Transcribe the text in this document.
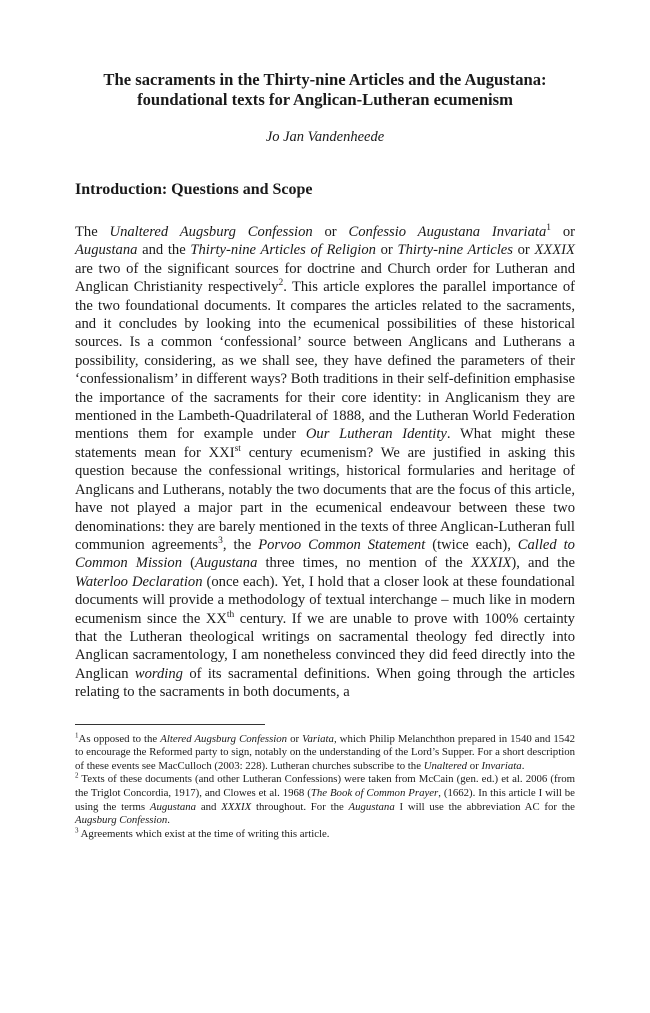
The sacraments in the Thirty-nine Articles and the Augustana:
foundational texts for Anglican-Lutheran ecumenism
Jo Jan Vandenheede
Introduction: Questions and Scope

The Unaltered Augsburg Confession or Confessio Augustana Invariata$^1$ or Augustana and the Thirty-nine Articles of Religion or Thirty-nine Articles or XXXIX are two of the significant sources for doctrine and Church order for Lutheran and Anglican Christianity respectively$^2$. This article explores the parallel importance of the two foundational documents. It compares the articles related to the sacraments, and it concludes by looking into the ecumenical possibilities of these historical sources. Is a common ‘confessional’ source between Anglicans and Lutherans a possibility, considering, as we shall see, they have defined the parameters of their ‘confessionalism’ in different ways? Both traditions in their self-definition emphasise the importance of the sacraments for their core identity: in Anglicanism they are mentioned in the Lambeth-Quadrilateral of 1888, and the Lutheran World Federation mentions them for example under Our Lutheran Identity. What might these statements mean for XXIst century ecumenism? We are justified in asking this question because the confessional writings, historical formularies and heritage of Anglicans and Lutherans, notably the two documents that are the focus of this article, have not played a major part in the ecumenical endeavour between these two denominations: they are barely mentioned in the texts of three Anglican-Lutheran full communion agreements$^3$, the Porvoo Common Statement (twice each), Called to Common Mission (Augustana three times, no mention of the XXXIX), and the Waterloo Declaration (once each). Yet, I hold that a closer look at these foundational documents will provide a methodology of textual interchange – much like in modern ecumenism since the XXth century. If we are unable to prove with 100% certainty that the Lutheran theological writings on sacramental theology fed directly into Anglican sacramentology, I am nonetheless convinced they did feed directly into the Anglican wording of its sacramental definitions. When going through the articles relating to the sacraments in both documents, a

$^1$As opposed to the Altered Augsburg Confession or Variata, which Philip Melanchthon prepared in 1540 and 1542 to encourage the Reformed party to sign, notably on the understanding of the Lord’s Supper. For a short description of these events see MacCulloch (2003: 228). Lutheran churches subscribe to the Unaltered or Invariata.

$^2$ Texts of these documents (and other Lutheran Confessions) were taken from McCain (gen. ed.) et al. 2006 (from the Triglot Concordia, 1917), and Clowes et al. 1968 (The Book of Common Prayer, (1662). In this article I will be using the terms Augustana and XXXIX throughout. For the Augustana I will use the abbreviation AC for the Augsburg Confession.

$^3$ Agreements which exist at the time of writing this article.
